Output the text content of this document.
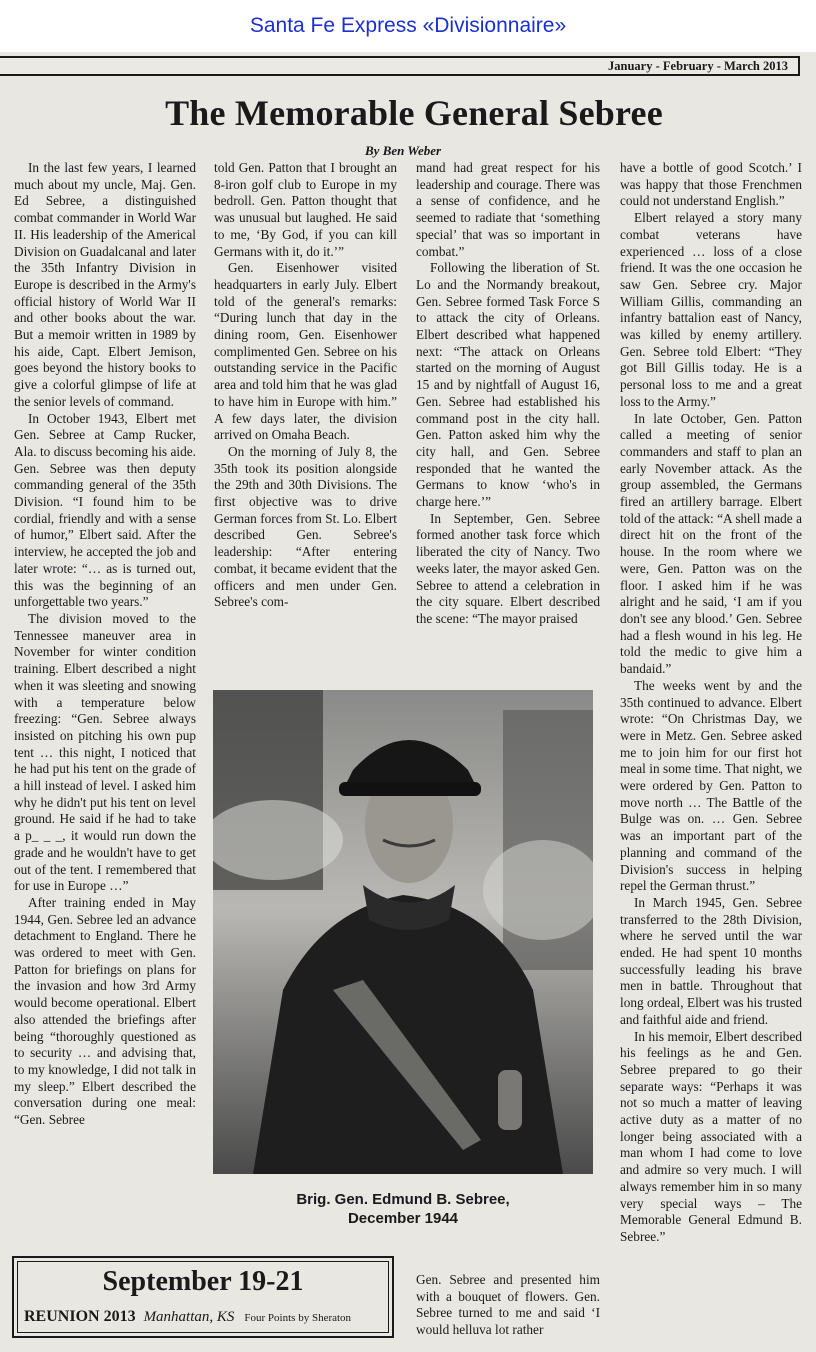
Santa Fe Express «Divisionnaire»
January - February - March 2013
The Memorable General Sebree
By Ben Weber

In the last few years, I learned much about my uncle, Maj. Gen. Ed Sebree, a distinguished combat commander in World War II. His leadership of the Americal Division on Guadalcanal and later the 35th Infantry Division in Europe is described in the Army's official history of World War II and other books about the war. But a memoir written in 1989 by his aide, Capt. Elbert Jemison, goes beyond the history books to give a colorful glimpse of life at the senior levels of command.

In October 1943, Elbert met Gen. Sebree at Camp Rucker, Ala. to discuss becoming his aide. Gen. Sebree was then deputy commanding general of the 35th Division. “I found him to be cordial, friendly and with a sense of humor,” Elbert said. After the interview, he accepted the job and later wrote: “… as is turned out, this was the beginning of an unforgettable two years.”

The division moved to the Tennessee maneuver area in November for winter condition training. Elbert described a night when it was sleeting and snowing with a temperature below freezing: “Gen. Sebree always insisted on pitching his own pup tent … this night, I noticed that he had put his tent on the grade of a hill instead of level. I asked him why he didn't put his tent on level ground. He said if he had to take a p_ _ _, it would run down the grade and he wouldn't have to get out of the tent. I remembered that for use in Europe …”

After training ended in May 1944, Gen. Sebree led an advance detachment to England. There he was ordered to meet with Gen. Patton for briefings on plans for the invasion and how 3rd Army would become operational. Elbert also attended the briefings after being “thoroughly questioned as to security … and advising that, to my knowledge, I did not talk in my sleep.” Elbert described the conversation during one meal: “Gen. Sebree

told Gen. Patton that I brought an 8-iron golf club to Europe in my bedroll. Gen. Patton thought that was unusual but laughed. He said to me, ‘By God, if you can kill Germans with it, do it.’”

Gen. Eisenhower visited headquarters in early July. Elbert told of the general's remarks: “During lunch that day in the dining room, Gen. Eisenhower complimented Gen. Sebree on his outstanding service in the Pacific area and told him that he was glad to have him in Europe with him.” A few days later, the division arrived on Omaha Beach.

On the morning of July 8, the 35th took its position alongside the 29th and 30th Divisions. The first objective was to drive German forces from St. Lo. Elbert described Gen. Sebree's leadership: “After entering combat, it became evident that the officers and men under Gen. Sebree's com-

mand had great respect for his leadership and courage. There was a sense of confidence, and he seemed to radiate that ‘something special’ that was so important in combat.”

Following the liberation of St. Lo and the Normandy breakout, Gen. Sebree formed Task Force S to attack the city of Orleans. Elbert described what happened next: “The attack on Orleans started on the morning of August 15 and by nightfall of August 16, Gen. Sebree had established his command post in the city hall. Gen. Patton asked him why the city hall, and Gen. Sebree responded that he wanted the Germans to know ‘who's in charge here.’”

In September, Gen. Sebree formed another task force which liberated the city of Nancy. Two weeks later, the mayor asked Gen. Sebree to attend a celebration in the city square. Elbert described the scene: “The mayor praised

have a bottle of good Scotch.’ I was happy that those Frenchmen could not understand English.”

Elbert relayed a story many combat veterans have experienced … loss of a close friend. It was the one occasion he saw Gen. Sebree cry. Major William Gillis, commanding an infantry battalion east of Nancy, was killed by enemy artillery. Gen. Sebree told Elbert: “They got Bill Gillis today. He is a personal loss to me and a great loss to the Army.”

In late October, Gen. Patton called a meeting of senior commanders and staff to plan an early November attack. As the group assembled, the Germans fired an artillery barrage. Elbert told of the attack: “A shell made a direct hit on the front of the house. In the room where we were, Gen. Patton was on the floor. I asked him if he was alright and he said, ‘I am if you don't see any blood.’ Gen. Sebree had a flesh wound in his leg. He told the medic to give him a bandaid.”

The weeks went by and the 35th continued to advance. Elbert wrote: “On Christmas Day, we were in Metz. Gen. Sebree asked me to join him for our first hot meal in some time. That night, we were ordered by Gen. Patton to move north … The Battle of the Bulge was on. … Gen. Sebree was an important part of the planning and command of the Division's success in helping repel the German thrust.”

In March 1945, Gen. Sebree transferred to the 28th Division, where he served until the war ended. He had spent 10 months successfully leading his brave men in battle. Throughout that long ordeal, Elbert was his trusted and faithful aide and friend.

In his memoir, Elbert described his feelings as he and Gen. Sebree prepared to go their separate ways: “Perhaps it was not so much a matter of leaving active duty as a matter of no longer being associated with a man whom I had come to love and admire so very much. I will always remember him in so many very special ways – The Memorable General Edmund B. Sebree.”

Gen. Sebree and presented him with a bouquet of flowers. Gen. Sebree turned to me and said ‘I would helluva lot rather

Brig. Gen. Edmund B. Sebree,
December 1944
September 19-21
REUNION 2013 Manhattan, KS Four Points by Sheraton
